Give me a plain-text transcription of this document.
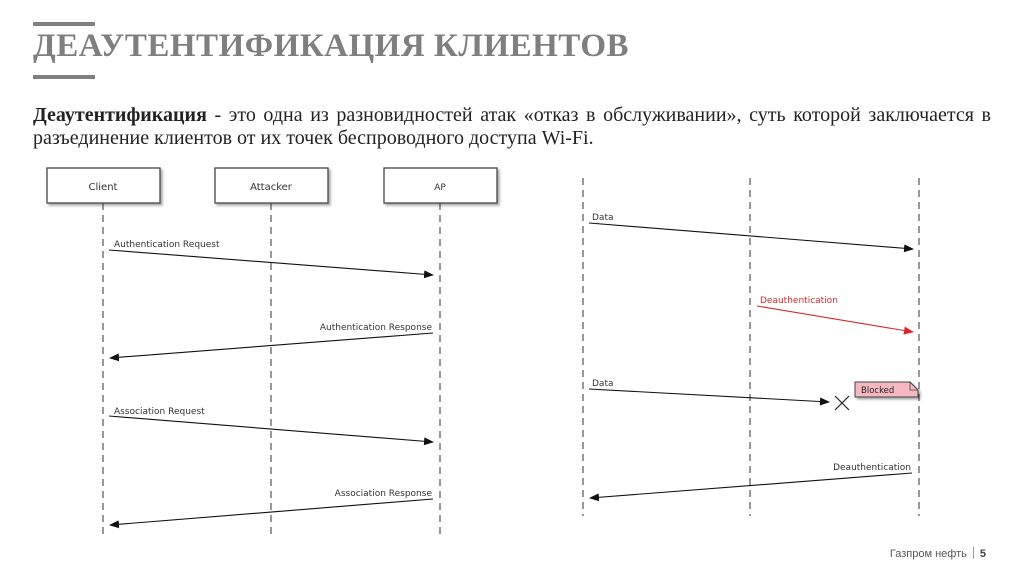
ДЕАУТЕНТИФИКАЦИЯ КЛИЕНТОВ

Деаутентификация - это одна из разновидностей атак «отказ в обслуживании», суть которой заключается в разъединение клиентов от их точек беспроводного доступа Wi-Fi.

Client	Attacker	AP
Authentication Request
Authentication Response
Association Request
Association Response
Data
Deauthentication
Data
Blocked
Deauthentication
Газпром нефть 5
